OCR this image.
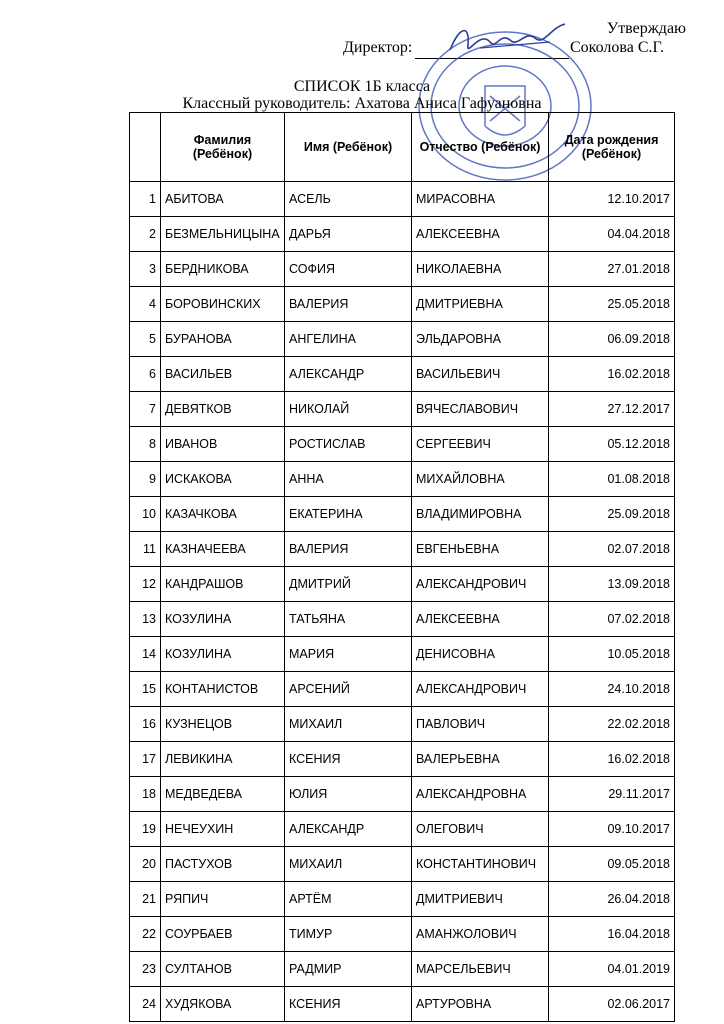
Утверждаю
Директор:	Соколова С.Г.
СПИСОК 1Б класса
Классный руководитель: Ахатова Аниса Гафуановна
	Фамилия (Ребёнок)	Имя (Ребёнок)	Отчество (Ребёнок)	Дата рождения (Ребёнок)
1	АБИТОВА	АСЕЛЬ	МИРАСОВНА	12.10.2017
2	БЕЗМЕЛЬНИЦЫНА	ДАРЬЯ	АЛЕКСЕЕВНА	04.04.2018
3	БЕРДНИКОВА	СОФИЯ	НИКОЛАЕВНА	27.01.2018
4	БОРОВИНСКИХ	ВАЛЕРИЯ	ДМИТРИЕВНА	25.05.2018
5	БУРАНОВА	АНГЕЛИНА	ЭЛЬДАРОВНА	06.09.2018
6	ВАСИЛЬЕВ	АЛЕКСАНДР	ВАСИЛЬЕВИЧ	16.02.2018
7	ДЕВЯТКОВ	НИКОЛАЙ	ВЯЧЕСЛАВОВИЧ	27.12.2017
8	ИВАНОВ	РОСТИСЛАВ	СЕРГЕЕВИЧ	05.12.2018
9	ИСКАКОВА	АННА	МИХАЙЛОВНА	01.08.2018
10	КАЗАЧКОВА	ЕКАТЕРИНА	ВЛАДИМИРОВНА	25.09.2018
11	КАЗНАЧЕЕВА	ВАЛЕРИЯ	ЕВГЕНЬЕВНА	02.07.2018
12	КАНДРАШОВ	ДМИТРИЙ	АЛЕКСАНДРОВИЧ	13.09.2018
13	КОЗУЛИНА	ТАТЬЯНА	АЛЕКСЕЕВНА	07.02.2018
14	КОЗУЛИНА	МАРИЯ	ДЕНИСОВНА	10.05.2018
15	КОНТАНИСТОВ	АРСЕНИЙ	АЛЕКСАНДРОВИЧ	24.10.2018
16	КУЗНЕЦОВ	МИХАИЛ	ПАВЛОВИЧ	22.02.2018
17	ЛЕВИКИНА	КСЕНИЯ	ВАЛЕРЬЕВНА	16.02.2018
18	МЕДВЕДЕВА	ЮЛИЯ	АЛЕКСАНДРОВНА	29.11.2017
19	НЕЧЕУХИН	АЛЕКСАНДР	ОЛЕГОВИЧ	09.10.2017
20	ПАСТУХОВ	МИХАИЛ	КОНСТАНТИНОВИЧ	09.05.2018
21	РЯПИЧ	АРТЁМ	ДМИТРИЕВИЧ	26.04.2018
22	СОУРБАЕВ	ТИМУР	АМАНЖОЛОВИЧ	16.04.2018
23	СУЛТАНОВ	РАДМИР	МАРСЕЛЬЕВИЧ	04.01.2019
24	ХУДЯКОВА	КСЕНИЯ	АРТУРОВНА	02.06.2017
